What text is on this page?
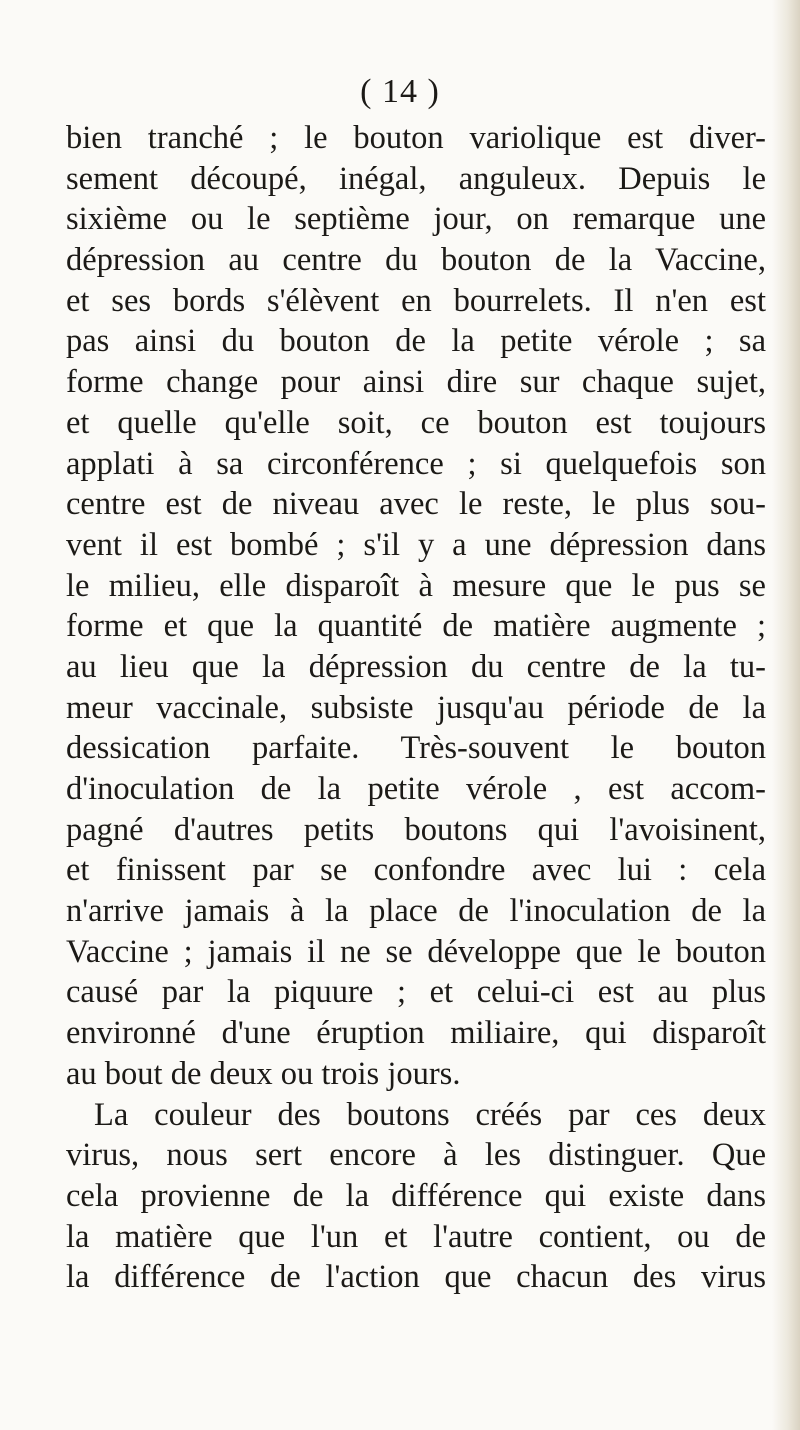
( 14 )
bien tranché ; le bouton variolique est diver-
sement découpé, inégal, anguleux. Depuis le
sixième ou le septième jour, on remarque une
dépression au centre du bouton de la Vaccine,
et ses bords s'élèvent en bourrelets. Il n'en est
pas ainsi du bouton de la petite vérole ; sa
forme change pour ainsi dire sur chaque sujet,
et quelle qu'elle soit, ce bouton est toujours
applati à sa circonférence ; si quelquefois son
centre est de niveau avec le reste, le plus sou-
vent il est bombé ; s'il y a une dépression dans
le milieu, elle disparoît à mesure que le pus se
forme et que la quantité de matière augmente ;
au lieu que la dépression du centre de la tu-
meur vaccinale, subsiste jusqu'au période de la
dessication parfaite. Très-souvent le bouton
d'inoculation de la petite vérole , est accom-
pagné d'autres petits boutons qui l'avoisinent,
et finissent par se confondre avec lui : cela
n'arrive jamais à la place de l'inoculation de la
Vaccine ; jamais il ne se développe que le bouton
causé par la piquure ; et celui-ci est au plus
environné d'une éruption miliaire, qui disparoît
au bout de deux ou trois jours.
La couleur des boutons créés par ces deux
virus, nous sert encore à les distinguer. Que
cela provienne de la différence qui existe dans
la matière que l'un et l'autre contient, ou de
la différence de l'action que chacun des virus
